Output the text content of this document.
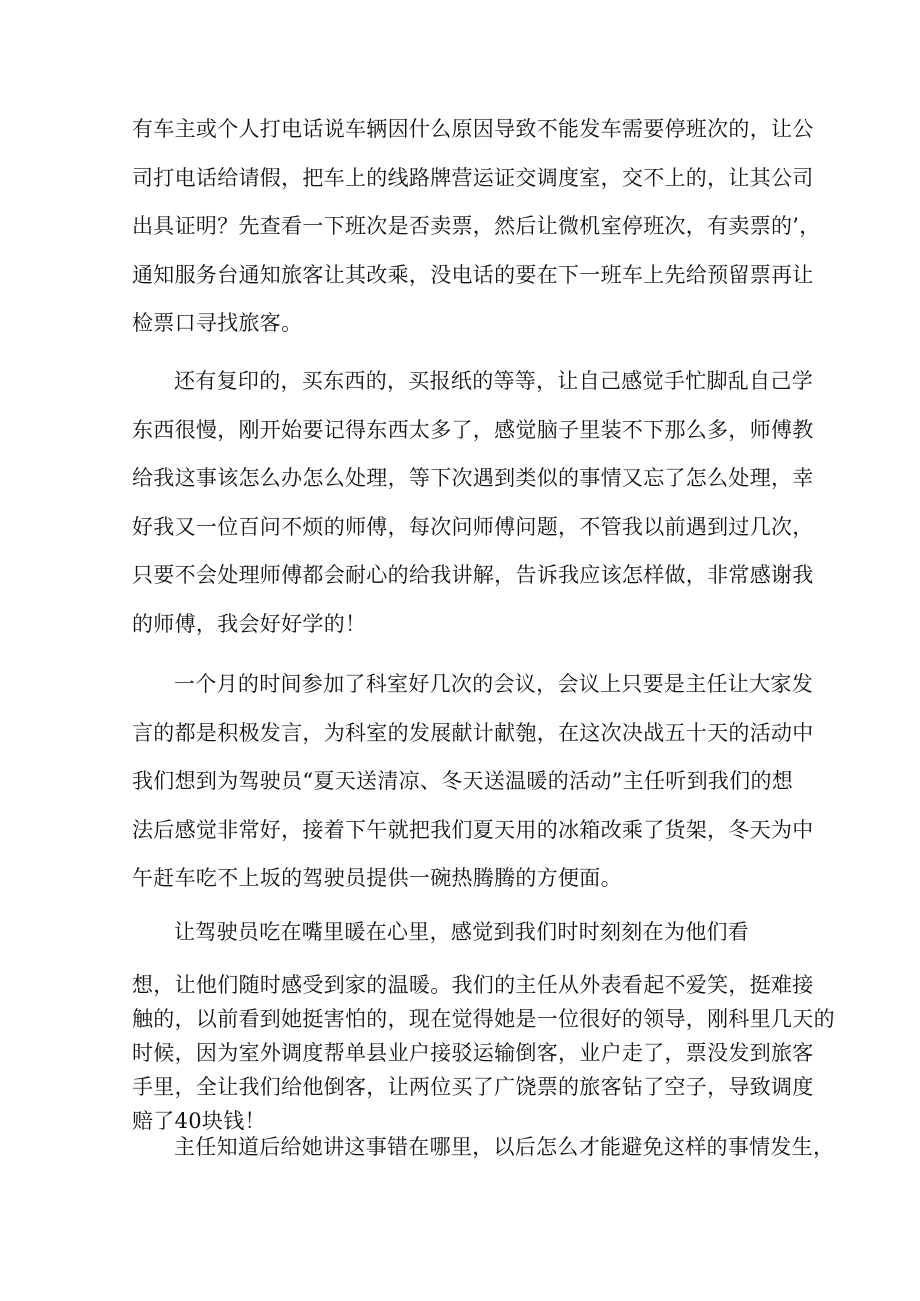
有车主或个人打电话说车辆因什么原因导致不能发车需要停班次的，让公
司打电话给请假，把车上的线路牌营运证交调度室，交不上的，让其公司
出具证明？先查看一下班次是否卖票，然后让微机室停班次，有卖票的’，
通知服务台通知旅客让其改乘，没电话的要在下一班车上先给预留票再让
检票口寻找旅客。
还有复印的，买东西的，买报纸的等等，让自己感觉手忙脚乱自己学
东西很慢，刚开始要记得东西太多了，感觉脑子里装不下那么多，师傅教
给我这事该怎么办怎么处理，等下次遇到类似的事情又忘了怎么处理，幸
好我又一位百问不烦的师傅，每次问师傅问题，不管我以前遇到过几次，
只要不会处理师傅都会耐心的给我讲解，告诉我应该怎样做，非常感谢我
的师傅，我会好好学的！
一个月的时间参加了科室好几次的会议，会议上只要是主任让大家发
言的都是积极发言，为科室的发展献计献匏，在这次决战五十天的活动中
我们想到为驾驶员“夏天送清凉、冬天送温暖的活动”主任听到我们的想
法后感觉非常好，接着下午就把我们夏天用的冰箱改乘了货架，冬天为中
午赶车吃不上坂的驾驶员提供一碗热腾腾的方便面。
让驾驶员吃在嘴里暖在心里，感觉到我们时时刻刻在为他们看
想，让他们随时感受到家的温暖。我们的主任从外表看起不爱笑，挺难接
触的，以前看到她挺害怕的，现在觉得她是一位很好的领导，刚科里几天的
时候，因为室外调度帮单县业户接驳运输倒客，业户走了，票没发到旅客
手里，全让我们给他倒客，让两位买了广饶票的旅客钻了空子，导致调度
赔了40块钱！
主任知道后给她讲这事错在哪里，以后怎么才能避免这样的事情发生，
